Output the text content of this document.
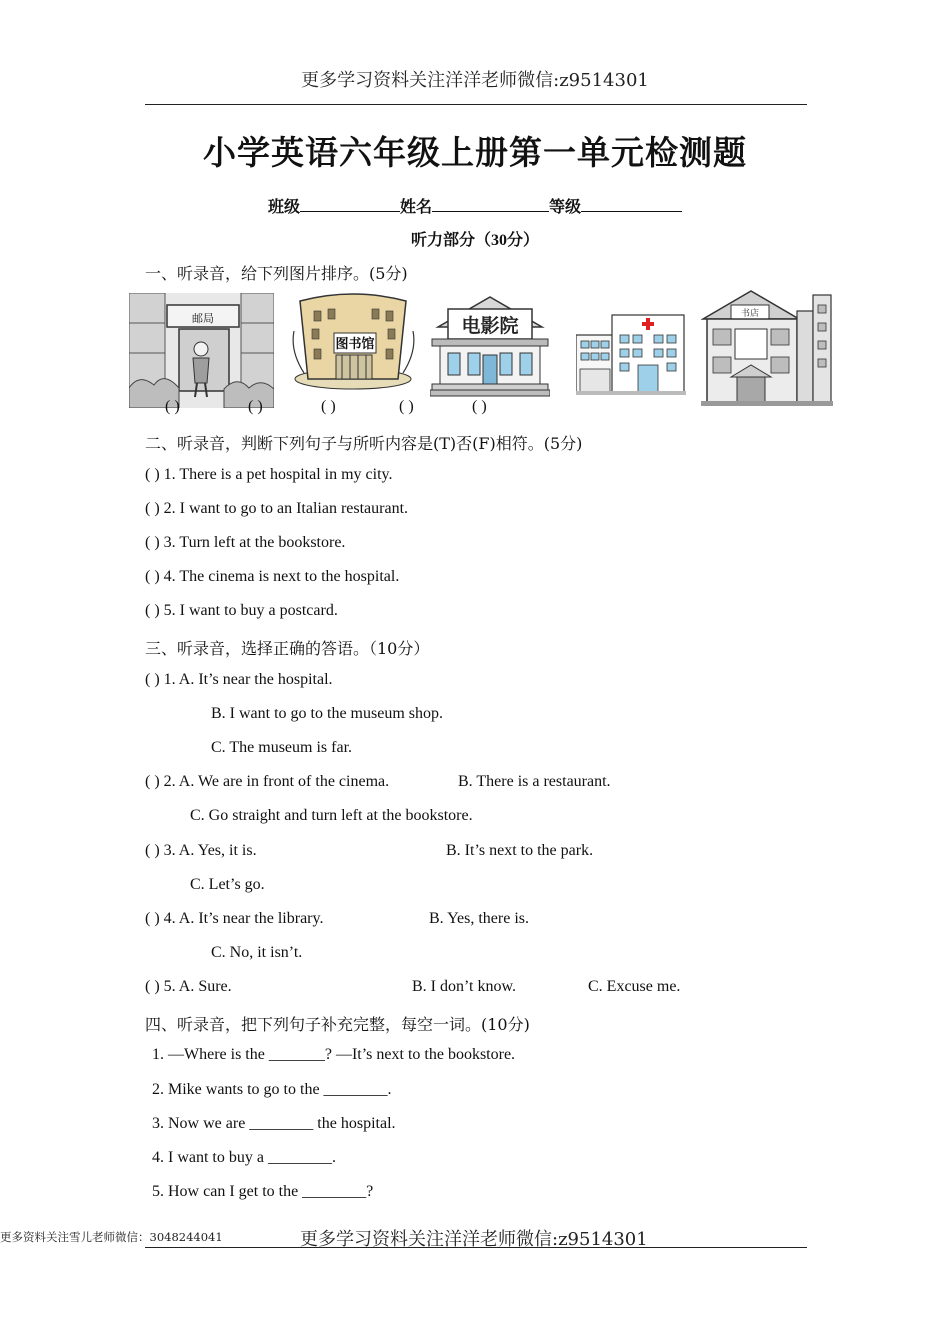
更多学习资料关注洋洋老师微信:z9514301
小学英语六年级上册第一单元检测题
班级	姓名	等级
听力部分（30分）
一、听录音，给下列图片排序。(5分)
邮局
图书馆
电影院
书店
( )	( )	( )	( )	( )
二、听录音，判断下列句子与所听内容是(T)否(F)相符。(5分)
( ) 1. There is a pet hospital in my city.
( ) 2. I want to go to an Italian restaurant.
( ) 3. Turn left at the bookstore.
( ) 4. The cinema is next to the hospital.
( ) 5. I want to buy a postcard.
三、听录音，选择正确的答语。（10分）
( ) 1. A. It’s near the hospital.
B. I want to go to the museum shop.
C. The museum is far.
( ) 2. A. We are in front of the cinema.	B. There is a restaurant.
C. Go straight and turn left at the bookstore.
( ) 3. A. Yes, it is.	B. It’s next to the park.
C. Let’s go.
( ) 4. A. It’s near the library.	B. Yes, there is.
C. No, it isn’t.
( ) 5. A. Sure.	B. I don’t know.	C. Excuse me.
四、听录音，把下列句子补充完整，每空一词。(10分)
1. —Where is the _______? —It’s next to the bookstore.
2. Mike wants to go to the ________.
3. Now we are ________ the hospital.
4. I want to buy a ________.
5. How can I get to the ________?
更多资料关注雪儿老师微信：3048244041	更多学习资料关注洋洋老师微信:z9514301
